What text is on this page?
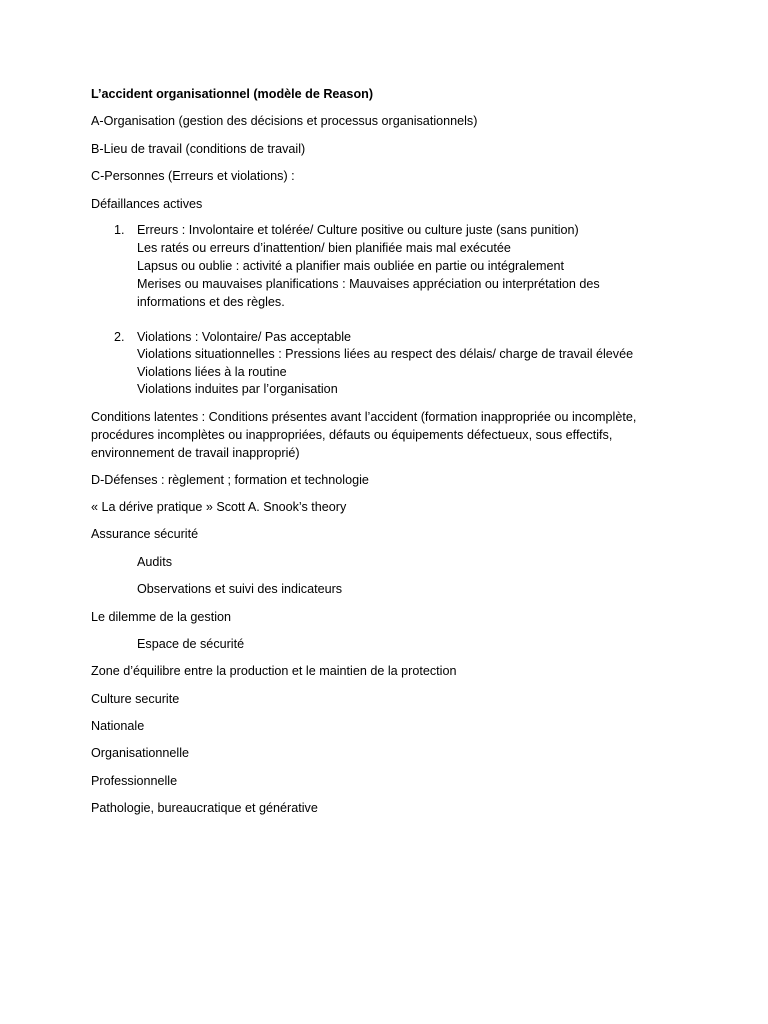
L’accident organisationnel (modèle de Reason)
A-Organisation (gestion des décisions et processus organisationnels)
B-Lieu de travail (conditions de travail)
C-Personnes (Erreurs et violations) :
Défaillances actives
1. Erreurs : Involontaire et tolérée/ Culture positive ou culture juste (sans punition)
Les ratés ou erreurs d’inattention/ bien planifiée mais mal exécutée
Lapsus ou oublie : activité a planifier mais oubliée en partie ou intégralement
Merises ou mauvaises planifications : Mauvaises appréciation ou interprétation des
informations et des règles.
2. Violations : Volontaire/ Pas acceptable
Violations situationnelles : Pressions liées au respect des délais/ charge de travail élevée
Violations liées à la routine
Violations induites par l’organisation
Conditions latentes : Conditions présentes avant l’accident (formation inappropriée ou incomplète,
procédures incomplètes ou inappropriées, défauts ou équipements défectueux, sous effectifs,
environnement de travail inapproprié)
D-Défenses : règlement ; formation et technologie
« La dérive pratique » Scott A. Snook’s theory
Assurance sécurité
Audits
Observations et suivi des indicateurs
Le dilemme de la gestion
Espace de sécurité
Zone d’équilibre entre la production et le maintien de la protection
Culture securite
Nationale
Organisationnelle
Professionnelle
Pathologie, bureaucratique et générative
